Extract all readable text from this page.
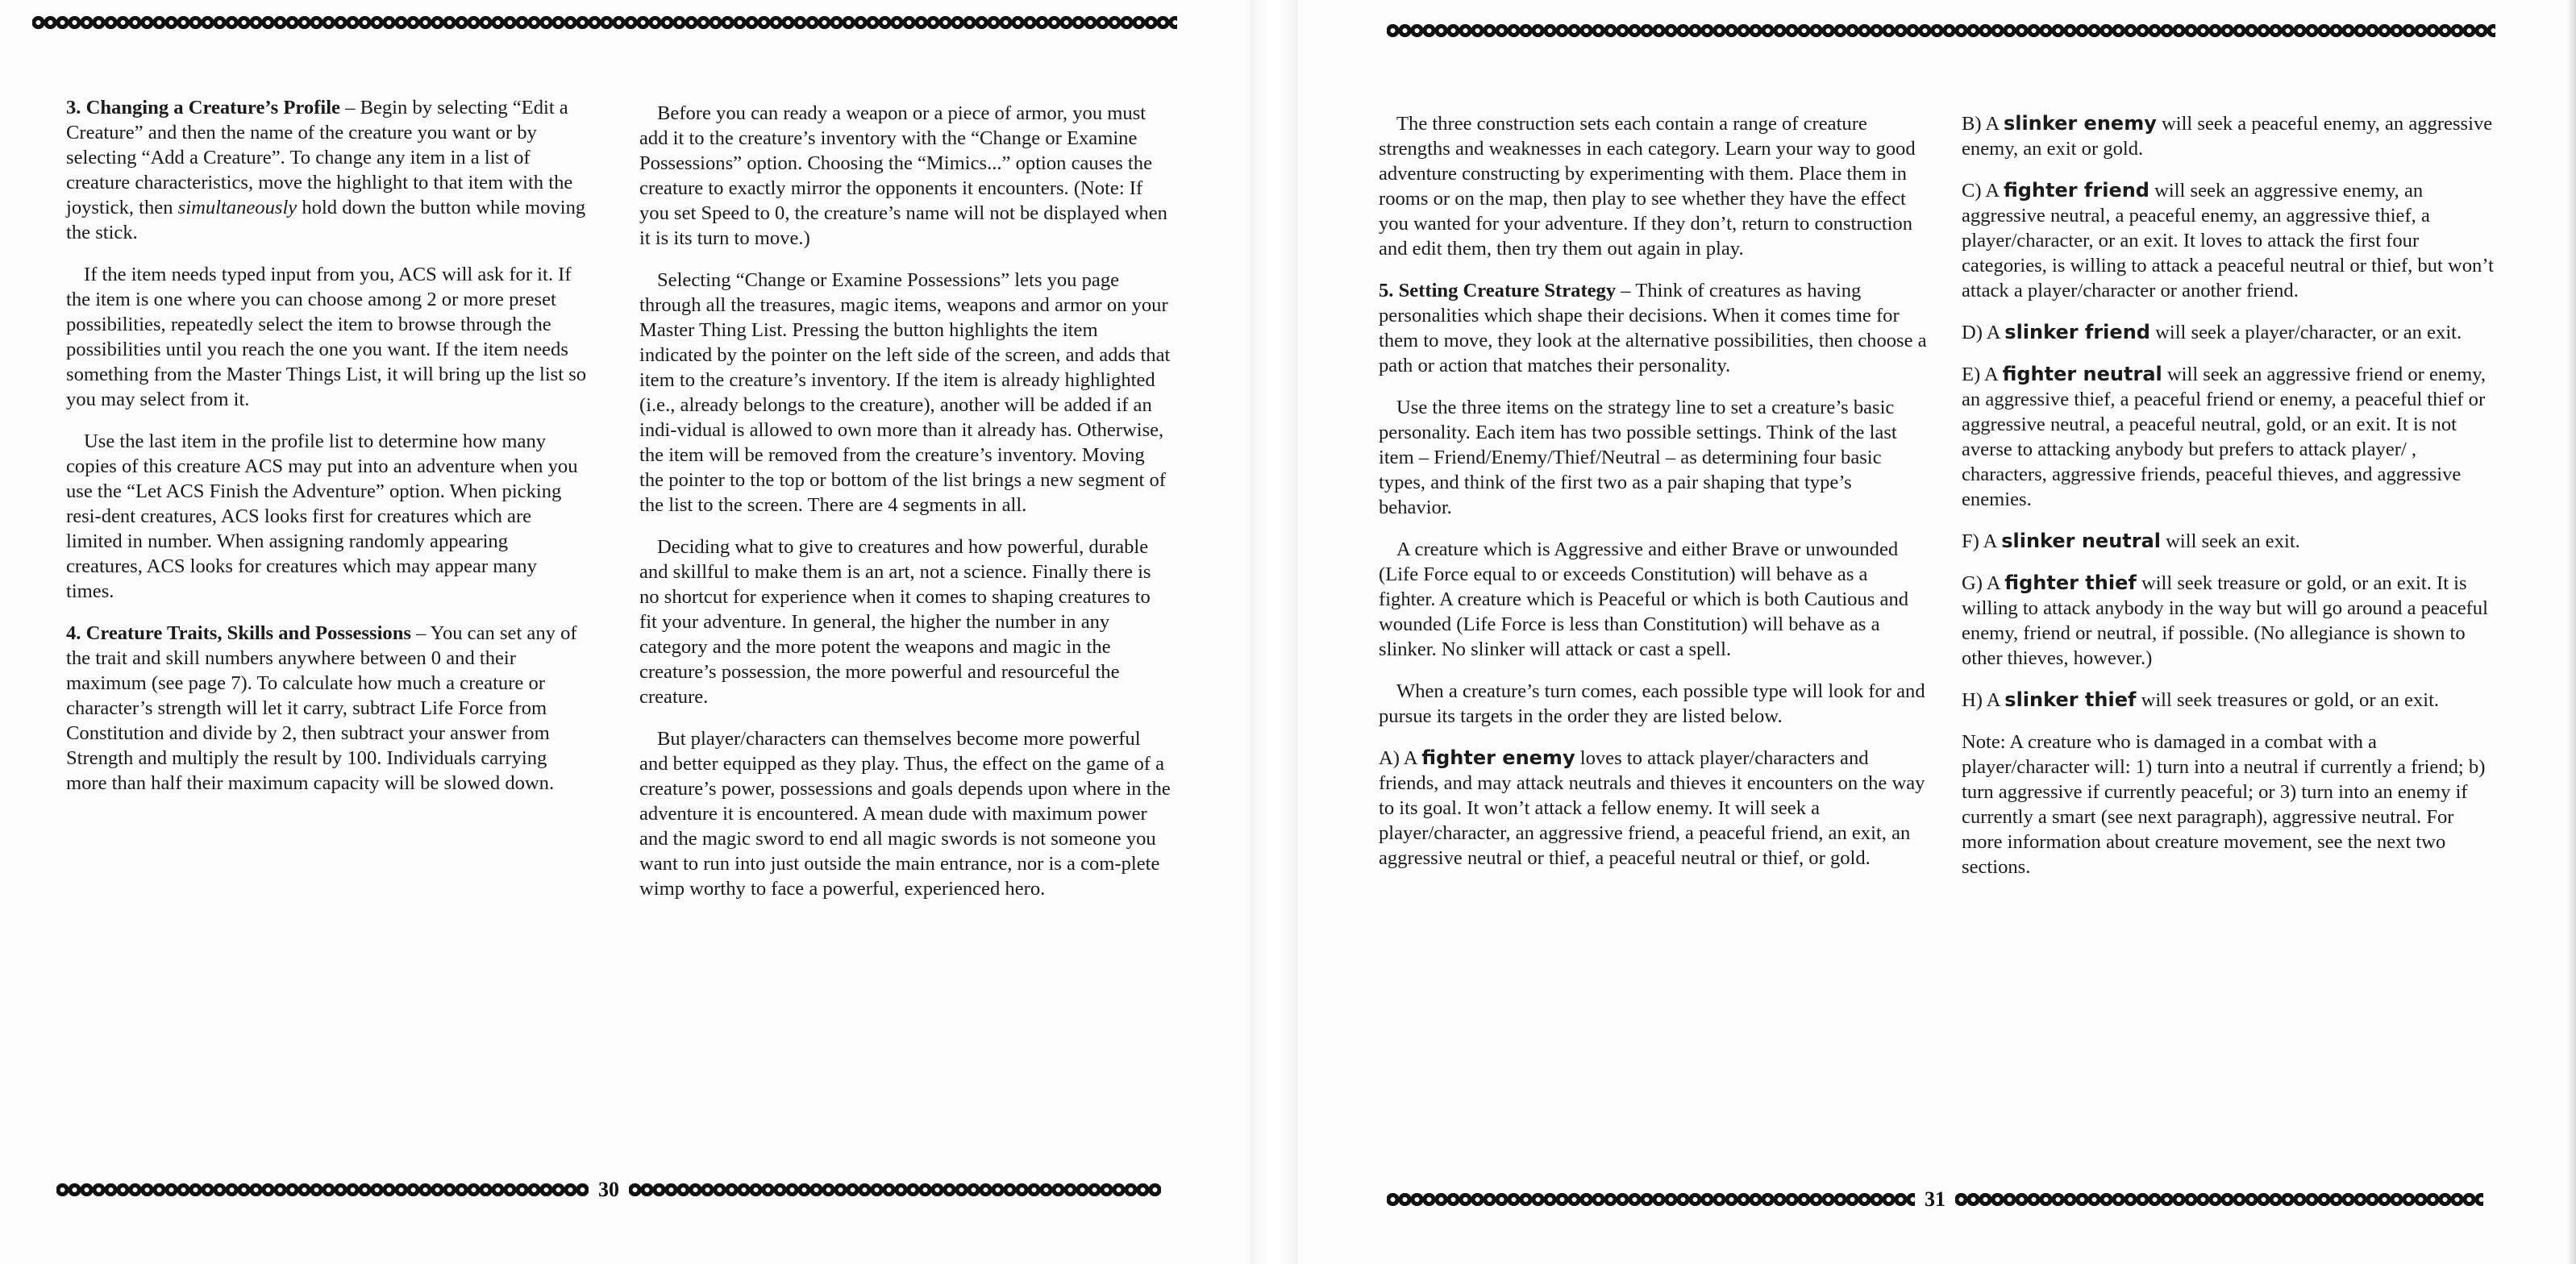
3. Changing a Creature’s Profile – Begin by selecting “Edit a Creature” and then the name of the creature you want or by selecting “Add a Creature”. To change any item in a list of creature characteristics, move the highlight to that item with the joystick, then simultaneously hold down the button while moving the stick.

If the item needs typed input from you, ACS will ask for it. If the item is one where you can choose among 2 or more preset possibilities, repeatedly select the item to browse through the possibilities until you reach the one you want. If the item needs something from the Master Things List, it will bring up the list so you may select from it.

Use the last item in the profile list to determine how many copies of this creature ACS may put into an adventure when you use the “Let ACS Finish the Adventure” option. When picking resi-dent creatures, ACS looks first for creatures which are limited in number. When assigning randomly appearing creatures, ACS looks for creatures which may appear many times.

4. Creature Traits, Skills and Possessions – You can set any of the trait and skill numbers anywhere between 0 and their maximum (see page 7). To calculate how much a creature or character’s strength will let it carry, subtract Life Force from Constitution and divide by 2, then subtract your answer from Strength and multiply the result by 100. Individuals carrying more than half their maximum capacity will be slowed down.

Before you can ready a weapon or a piece of armor, you must add it to the creature’s inventory with the “Change or Examine Possessions” option. Choosing the “Mimics...” option causes the creature to exactly mirror the opponents it encounters. (Note: If you set Speed to 0, the creature’s name will not be displayed when it is its turn to move.)

Selecting “Change or Examine Possessions” lets you page through all the treasures, magic items, weapons and armor on your Master Thing List. Pressing the button highlights the item indicated by the pointer on the left side of the screen, and adds that item to the creature’s inventory. If the item is already highlighted (i.e., already belongs to the creature), another will be added if an indi-vidual is allowed to own more than it already has. Otherwise, the item will be removed from the creature’s inventory. Moving the pointer to the top or bottom of the list brings a new segment of the list to the screen. There are 4 segments in all.

Deciding what to give to creatures and how powerful, durable and skillful to make them is an art, not a science. Finally there is no shortcut for experience when it comes to shaping creatures to fit your adventure. In general, the higher the number in any category and the more potent the weapons and magic in the creature’s possession, the more powerful and resourceful the creature.

But player/characters can themselves become more powerful and better equipped as they play. Thus, the effect on the game of a creature’s power, possessions and goals depends upon where in the adventure it is encountered. A mean dude with maximum power and the magic sword to end all magic swords is not someone you want to run into just outside the main entrance, nor is a com-plete wimp worthy to face a powerful, experienced hero.

30

The three construction sets each contain a range of creature strengths and weaknesses in each category. Learn your way to good adventure constructing by experimenting with them. Place them in rooms or on the map, then play to see whether they have the effect you wanted for your adventure. If they don’t, return to construction and edit them, then try them out again in play.

5. Setting Creature Strategy – Think of creatures as having personalities which shape their decisions. When it comes time for them to move, they look at the alternative possibilities, then choose a path or action that matches their personality.

Use the three items on the strategy line to set a creature’s basic personality. Each item has two possible settings. Think of the last item – Friend/Enemy/Thief/Neutral – as determining four basic types, and think of the first two as a pair shaping that type’s behavior.

A creature which is Aggressive and either Brave or unwounded (Life Force equal to or exceeds Constitution) will behave as a fighter. A creature which is Peaceful or which is both Cautious and wounded (Life Force is less than Constitution) will behave as a slinker. No slinker will attack or cast a spell.

When a creature’s turn comes, each possible type will look for and pursue its targets in the order they are listed below.

A) A fighter enemy loves to attack player/characters and friends, and may attack neutrals and thieves it encounters on the way to its goal. It won’t attack a fellow enemy. It will seek a player/character, an aggressive friend, a peaceful friend, an exit, an aggressive neutral or thief, a peaceful neutral or thief, or gold.

B) A slinker enemy will seek a peaceful enemy, an aggressive enemy, an exit or gold.

C) A fighter friend will seek an aggressive enemy, an aggressive neutral, a peaceful enemy, an aggressive thief, a player/character, or an exit. It loves to attack the first four categories, is willing to attack a peaceful neutral or thief, but won’t attack a player/character or another friend.

D) A slinker friend will seek a player/character, or an exit.

E) A fighter neutral will seek an aggressive friend or enemy, an aggressive thief, a peaceful friend or enemy, a peaceful thief or aggressive neutral, a peaceful neutral, gold, or an exit. It is not averse to attacking anybody but prefers to attack player/ , characters, aggressive friends, peaceful thieves, and aggressive enemies.

F) A slinker neutral will seek an exit.

G) A fighter thief will seek treasure or gold, or an exit. It is willing to attack anybody in the way but will go around a peaceful enemy, friend or neutral, if possible. (No allegiance is shown to other thieves, however.)

H) A slinker thief will seek treasures or gold, or an exit.

Note: A creature who is damaged in a combat with a player/character will: 1) turn into a neutral if currently a friend; b) turn aggressive if currently peaceful; or 3) turn into an enemy if currently a smart (see next paragraph), aggressive neutral. For more information about creature movement, see the next two sections.

31
